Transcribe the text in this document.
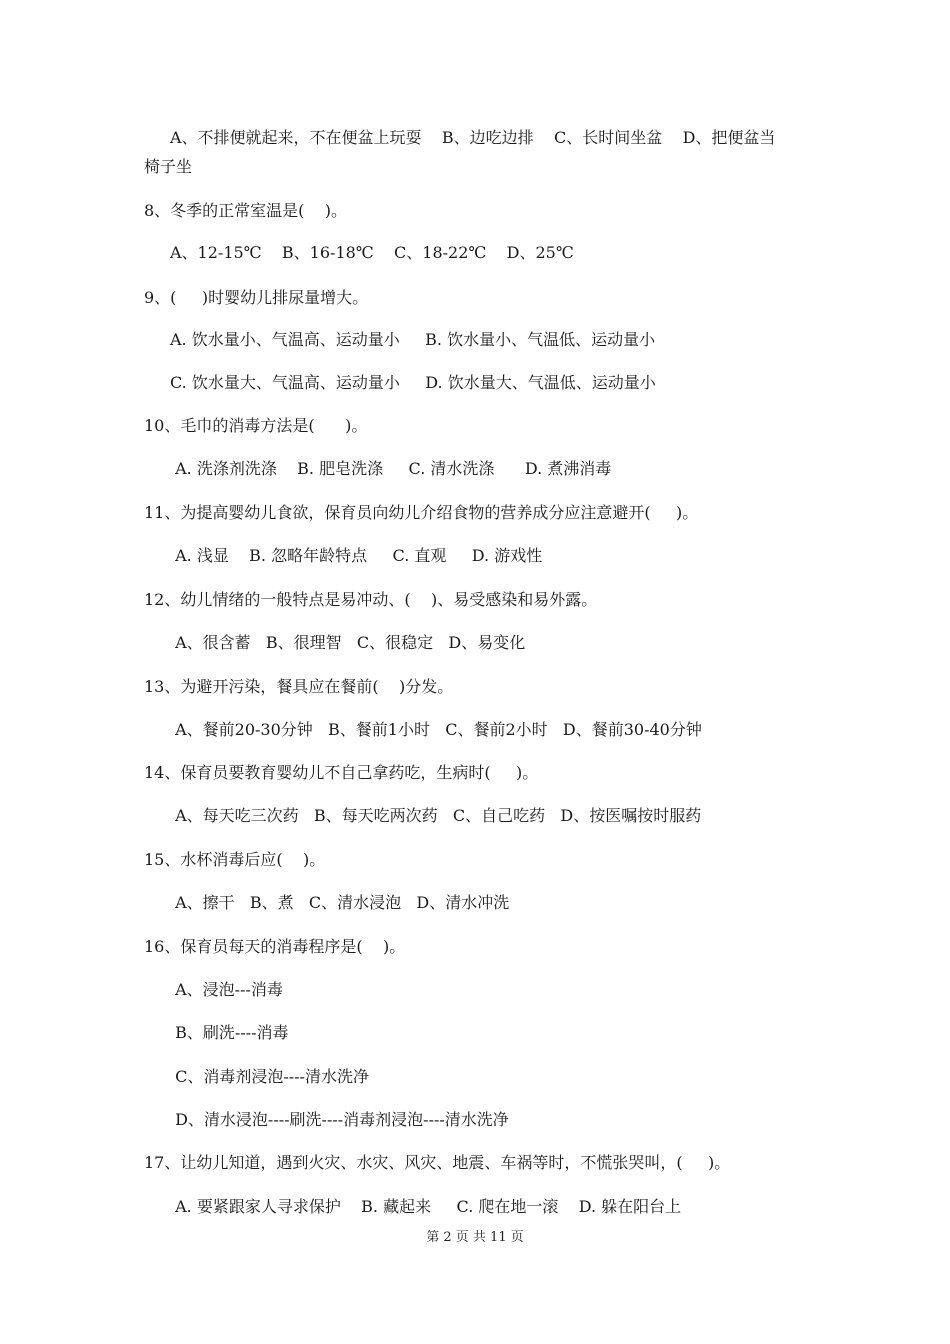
A、不排便就起来，不在便盆上玩耍    B、边吃边排    C、长时间坐盆    D、把便盆当

椅子坐

8、冬季的正常室温是(    )。

A、12-15℃    B、16-18℃    C、18-22℃    D、25℃

9、(     )时婴幼儿排尿量增大。

A. 饮水量小、气温高、运动量小     B. 饮水量小、气温低、运动量小

C. 饮水量大、气温高、运动量小     D. 饮水量大、气温低、运动量小

10、毛巾的消毒方法是(      )。

A. 洗涤剂洗涤    B. 肥皂洗涤     C. 清水洗涤      D. 煮沸消毒

11、为提高婴幼儿食欲，保育员向幼儿介绍食物的营养成分应注意避开(     )。

A. 浅显    B. 忽略年龄特点     C. 直观     D. 游戏性

12、幼儿情绪的一般特点是易冲动、(    )、易受感染和易外露。

A、很含蓄   B、很理智   C、很稳定   D、易变化

13、为避开污染，餐具应在餐前(    )分发。

A、餐前20-30分钟   B、餐前1小时   C、餐前2小时   D、餐前30-40分钟

14、保育员要教育婴幼儿不自己拿药吃，生病时(     )。

A、每天吃三次药   B、每天吃两次药   C、自己吃药   D、按医嘱按时服药

15、水杯消毒后应(    )。

A、擦干   B、煮   C、清水浸泡   D、清水冲洗

16、保育员每天的消毒程序是(    )。

A、浸泡---消毒

B、刷洗----消毒

C、消毒剂浸泡----清水洗净

D、清水浸泡----刷洗----消毒剂浸泡----清水洗净

17、让幼儿知道，遇到火灾、水灾、风灾、地震、车祸等时，不慌张哭叫，(     )。

A. 要紧跟家人寻求保护    B. 藏起来     C. 爬在地一滚    D. 躲在阳台上

第 2 页 共 11 页
